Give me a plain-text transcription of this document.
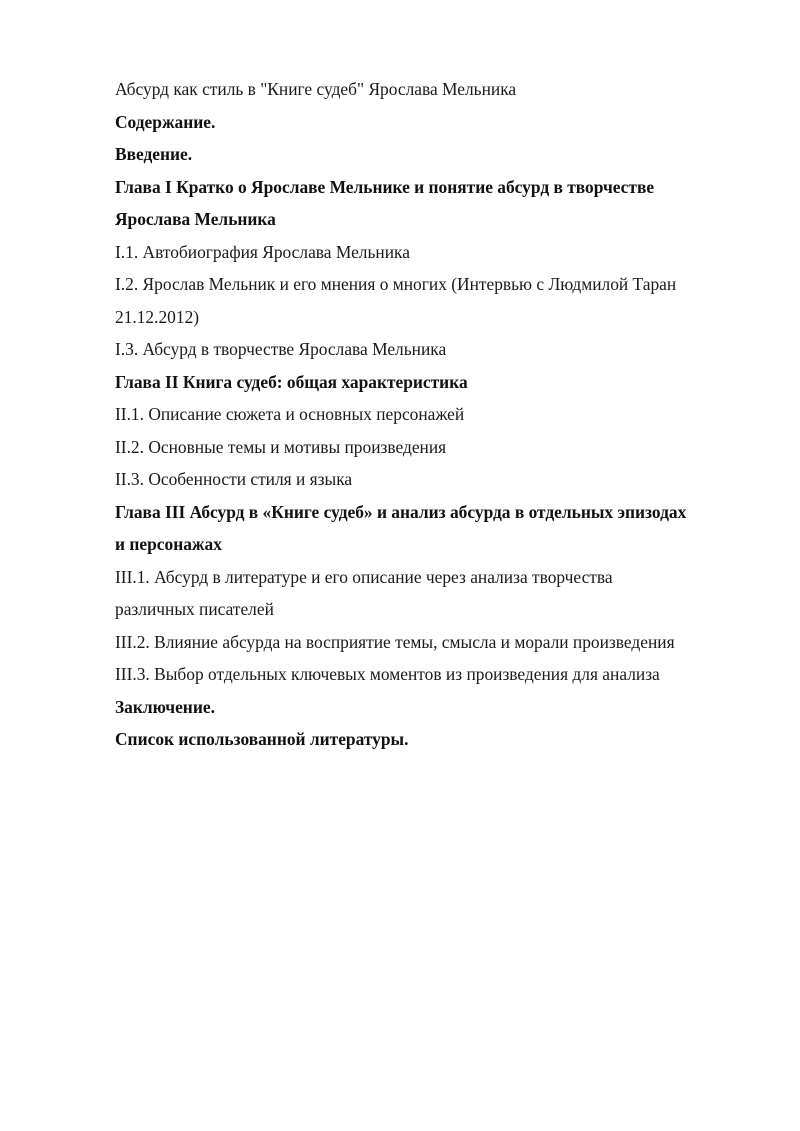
Абсурд как стиль в "Книге судеб" Ярослава Мельника

Содержание.

Введение.

Глава I Кратко о Ярославе Мельнике и понятие абсурд в творчестве

Ярослава Мельника

I.1. Автобиография Ярослава Мельника

I.2. Ярослав Мельник и его мнения о многих (Интервью с Людмилой Таран

21.12.2012)

I.3. Абсурд в творчестве Ярослава Мельника

Глава II Книга судеб: общая характеристика

II.1. Описание сюжета и основных персонажей

II.2. Основные темы и мотивы произведения

II.3. Особенности стиля и языка

Глава III Абсурд в «Книге судеб» и анализ абсурда в отдельных эпизодах

и персонажах

III.1. Абсурд в литературе и его описание через анализа творчества

различных писателей

III.2. Влияние абсурда на восприятие темы, смысла и морали произведения

III.3. Выбор отдельных ключевых моментов из произведения для анализа

Заключение.

Список использованной литературы.
